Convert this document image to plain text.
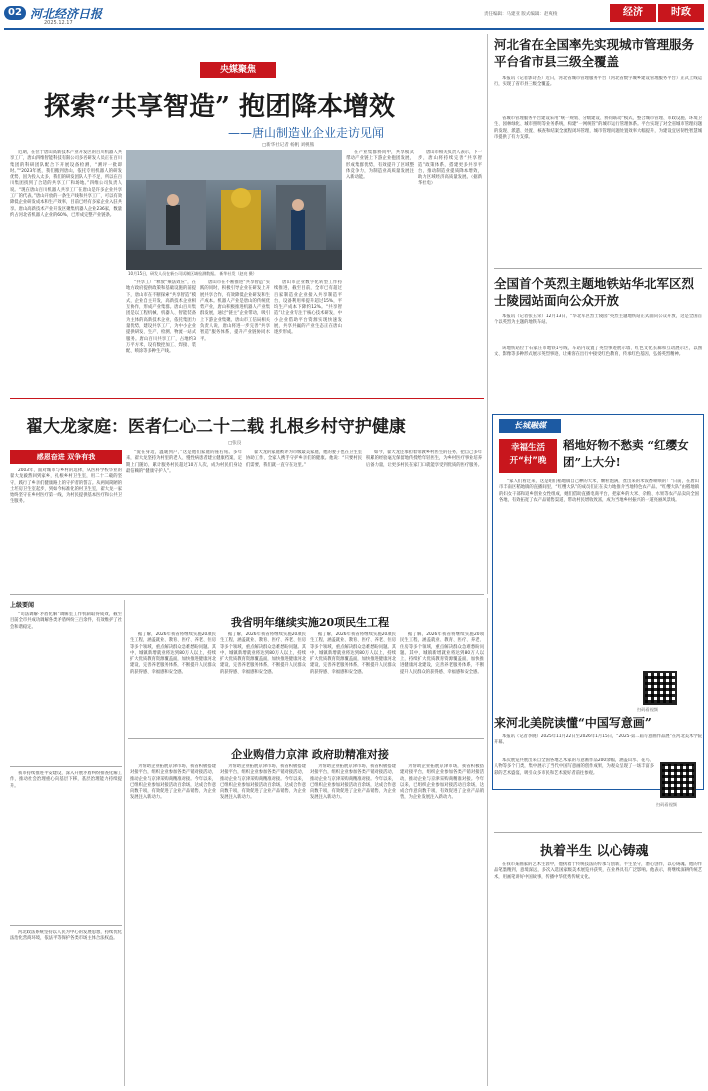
02 河北经济日报
2025.12.17
责任编辑：马建亚 版式编辑：赵爽棱	经济	时政
央媒聚焦
探索“共享智造” 抱团降本增效
——唐山制造业企业走访见闻
□新华社记者 杨帆 刘桃熊
10月15日，研发人员在新公司试制区域检测数据。 新华社发（赵亮 摄）
近期，在位于唐山高新技术产业开发区的百川机器人共享工厂，唐山四维智能科技有限公司多名研发人员正在百川集团的科研团队配合下开展设备检测，“测评一批即时。”“2023年底，我们搬到唐山，依托专用机器人的研发优势，因为投入太多，我们的研发团队人手不足，所以在百川集团找到了合适的共享工厂和场地。”四维公司负责人说。“现在唐山百川机器人共享工厂在唐山是许多企业共享工厂的代表。”唐山开放的一条生产线和共享工厂，可以有效降低企业研发成本和生产效率，目前已经有多家企业入驻共享。唐山高新技术产业开发区聚集机器人企业236家，数量约占河北省机器人企业的60%，已形成完整产业链条。
“共享工厂”释放“乘法效应”，在地方政府提供政策和基础设施的前提下，唐山市在不断探索“共享智造”模式，企业自主开发，高新技术企业相互协作，形成产业集群。唐山百川集团是以工程机械、机器人、智能装备为主体的高新技术企业，依托集团力量优势，建设共享工厂，为中小企业提供研发、生产、检测、物流一站式服务。唐山百川共享工厂，占地约3万平方米，设有数控加工、焊接、装配、喷涂等多种生产线。
唐山市在不断推进“共享智造”实践的同时，积极引导企业在研发上开展共享合作，有效降低企业研发和生产成本。机器人产业是唐山的传统优势产业，唐山积极推进机器人产业集群发展，通过“链主”企业带动，吸引上下游企业集聚。唐山市工信局相关负责人说，唐山将进一步完善“共享智造”服务体系，提升产业链协同水平。
唐山市企业数字化转型工作持续推进，截至目前，全市已有超过百家制造业企业接入共享制造平台，设备利用率提升超过15%，平均生产成本下降约12%。“共享智造”让企业专注于核心技术研发，中小企业借助平台资源实现快速发展，共享共赢的产业生态正在唐山逐步形成。
在产业集群协同中，共享模式带动产业链上下游企业抱团发展，形成集群优势，有效提升了区域整体竞争力，为制造业高质量发展注入新动能。
唐山市相关负责人表示，下一步，唐山将持续完善“共享智造”政策体系，搭建更多共享平台，推动制造业提质降本增效，助力区域经济高质量发展。（据新华社电）
翟大龙家庭：医者仁心二十二载 扎根乡村守护健康
□张良
感恩奋进 双争有我
2003年，面对城市与乡村的选择，从医科学校毕业的翟大龙毅然回到家乡，扎根乡村卫生室，用二十二载的坚守，践行了乡亲们健康路上的守护者的誓言。从两间简陋的土坯房卫生室起步，到如今标准化的村卫生室，翟大龙一家始终坚守在乡村医疗第一线，为村民提供基本医疗和公共卫生服务。
“爱在身边，温暖到户，”这是他们家庭的座右铭。多年来，翟大龙坚持为村里的老人、慢性病患者建立健康档案，定期上门随访，累计服务村民超过10万人次，成为村民们身边最信赖的“健康守护人”。
翟大龙的家庭被评为市级最美家庭，他的妻子也在卫生室协助工作，全家人携手守护乡亲们的健康。他说：“只要村民们需要，我们就一直守在这里。”
如今，翟大龙还承担着带教乡村医生的任务，把自己多年积累的经验毫无保留地传授给年轻医生，为乡村医疗事业培养后备力量，让更多村民在家门口就能享受到优质的医疗服务。
上级要闻
“司法调解·矛盾化解”调解室工作机制取得成效，截至目前全市共成功调解各类矛盾纠纷三百余件，有效维护了社会和谐稳定。
我市持续推进平安建设，深入开展矛盾纠纷排查化解工作，推动社会治理重心向基层下移，基层治理能力持续提升。
河北政法系统坚持以人民为中心的发展思想，持续优化法治化营商环境，依法平等保护各类市场主体合法权益。
我省明年继续实施20项民生工程
据了解，2026年我省将继续实施20项民生工程，涵盖就业、教育、医疗、养老、住房等多个领域，重点解决群众急难愁盼问题。其中，城镇新增就业将达到80万人以上，持续扩大优质教育资源覆盖面，加快推进健康河北建设，完善养老服务体系，不断提升人民群众的获得感、幸福感和安全感。
据了解，2026年我省将继续实施20项民生工程，涵盖就业、教育、医疗、养老、住房等多个领域，重点解决群众急难愁盼问题。其中，城镇新增就业将达到80万人以上，持续扩大优质教育资源覆盖面，加快推进健康河北建设，完善养老服务体系，不断提升人民群众的获得感、幸福感和安全感。
据了解，2026年我省将继续实施20项民生工程，涵盖就业、教育、医疗、养老、住房等多个领域，重点解决群众急难愁盼问题。其中，城镇新增就业将达到80万人以上，持续扩大优质教育资源覆盖面，加快推进健康河北建设，完善养老服务体系，不断提升人民群众的获得感、幸福感和安全感。
据了解，2026年我省将继续实施20项民生工程，涵盖就业、教育、医疗、养老、住房等多个领域，重点解决群众急难愁盼问题。其中，城镇新增就业将达到80万人以上，持续扩大优质教育资源覆盖面，加快推进健康河北建设，完善养老服务体系，不断提升人民群众的获得感、幸福感和安全感。
企业购借力京津 政府助精准对接
为帮助企业拓展京津市场，我省积极搭建对接平台，组织企业参加各类产销对接活动，推动企业与京津采购商精准对接。今年以来，已组织企业参加对接活动百余场，达成合作意向数千项，有效促进了企业产品销售，为企业发展注入新动力。
为帮助企业拓展京津市场，我省积极搭建对接平台，组织企业参加各类产销对接活动，推动企业与京津采购商精准对接。今年以来，已组织企业参加对接活动百余场，达成合作意向数千项，有效促进了企业产品销售，为企业发展注入新动力。
为帮助企业拓展京津市场，我省积极搭建对接平台，组织企业参加各类产销对接活动，推动企业与京津采购商精准对接。今年以来，已组织企业参加对接活动百余场，达成合作意向数千项，有效促进了企业产品销售，为企业发展注入新动力。
为帮助企业拓展京津市场，我省积极搭建对接平台，组织企业参加各类产销对接活动，推动企业与京津采购商精准对接。今年以来，已组织企业参加对接活动百余场，达成合作意向数千项，有效促进了企业产品销售，为企业发展注入新动力。
河北省在全国率先实现城市管理服务平台省市县三级全覆盖
本报讯（记者郭诗杰）近日，河北省城市管理服务平台（河北省数字城乡建设管理服务平台）正式上线运行，实现了省市县三级全覆盖。
省城市管理服务平台建设采用“统一规划、分级建设、协同联动”模式，整合城市管理、市政设施、环境卫生、园林绿化、城市照明等业务系统，构建“一网统管”的城市运行管理体系。平台实现了对全省城市管理问题的发现、派遣、处置、核查和结案全流程闭环管理，城市管理问题处置效率大幅提升，为建设宜居韧性智慧城市提供了有力支撑。
全国首个英烈主题地铁站华北军区烈士陵园站面向公众开放
本报讯（记者张玉荣）12月13日，“华北军区烈士陵园”英烈主题地铁站正式面向公众开放，这是全国首个以英烈为主题的地铁车站。
该地铁站位于石家庄市地铁1号线，车站内设置了英烈事迹展示墙、红色文化长廊和互动展示区，以图文、影像等多种形式展示英烈事迹，让乘客在出行中接受红色教育，传承红色基因，弘扬英烈精神。
长城融媒
幸福生活开“村”晚
稻地好物不愁卖 “红缨女团”上大分!
“家人们看过来，这是咱们稻地镇自己种的大米，颗粒饱满，煮出来的米饭香喷喷的！”日前，在唐山市丰南区稻地镇的直播间里，“红缨大队”的成员们正在卖力地推介当地特色农产品。“红缨大队”由稻地镇的妇女干部和返乡创业女性组成，她们借助直播电商平台，把家乡的大米、杂粮、水果等农产品卖向全国各地，有效拓宽了农产品销售渠道，带动村民增收致富，成为当地乡村振兴的一道亮丽风景线。
扫码看视频
来河北美院读懂“中国写意画”
本报讯（记者李晓）2025年11月22日至2026年1月15日，“2025·第二届写意画作品展”在河北美术学院开幕。
本次展览共展出来自全国各地艺术家的写意画作品200余幅，涵盖山水、花鸟、人物等多个门类，集中展示了当代中国写意画的创作成果，为观众呈现了一场丰富多彩的艺术盛宴，吸引众多市民和艺术爱好者前往参观。
扫码看视频
执着半生 以心铸魂
在我市某画家的艺术生涯中，他执着于传统技法的传承与创新，半生坚守，潜心创作，以心铸魂。他的作品笔墨精到，意境深远，多次入选国家级美术展览并获奖，在业界具有广泛影响。他表示，将继续深耕传统艺术，用画笔讲好中国故事，传播中华优秀传统文化。
